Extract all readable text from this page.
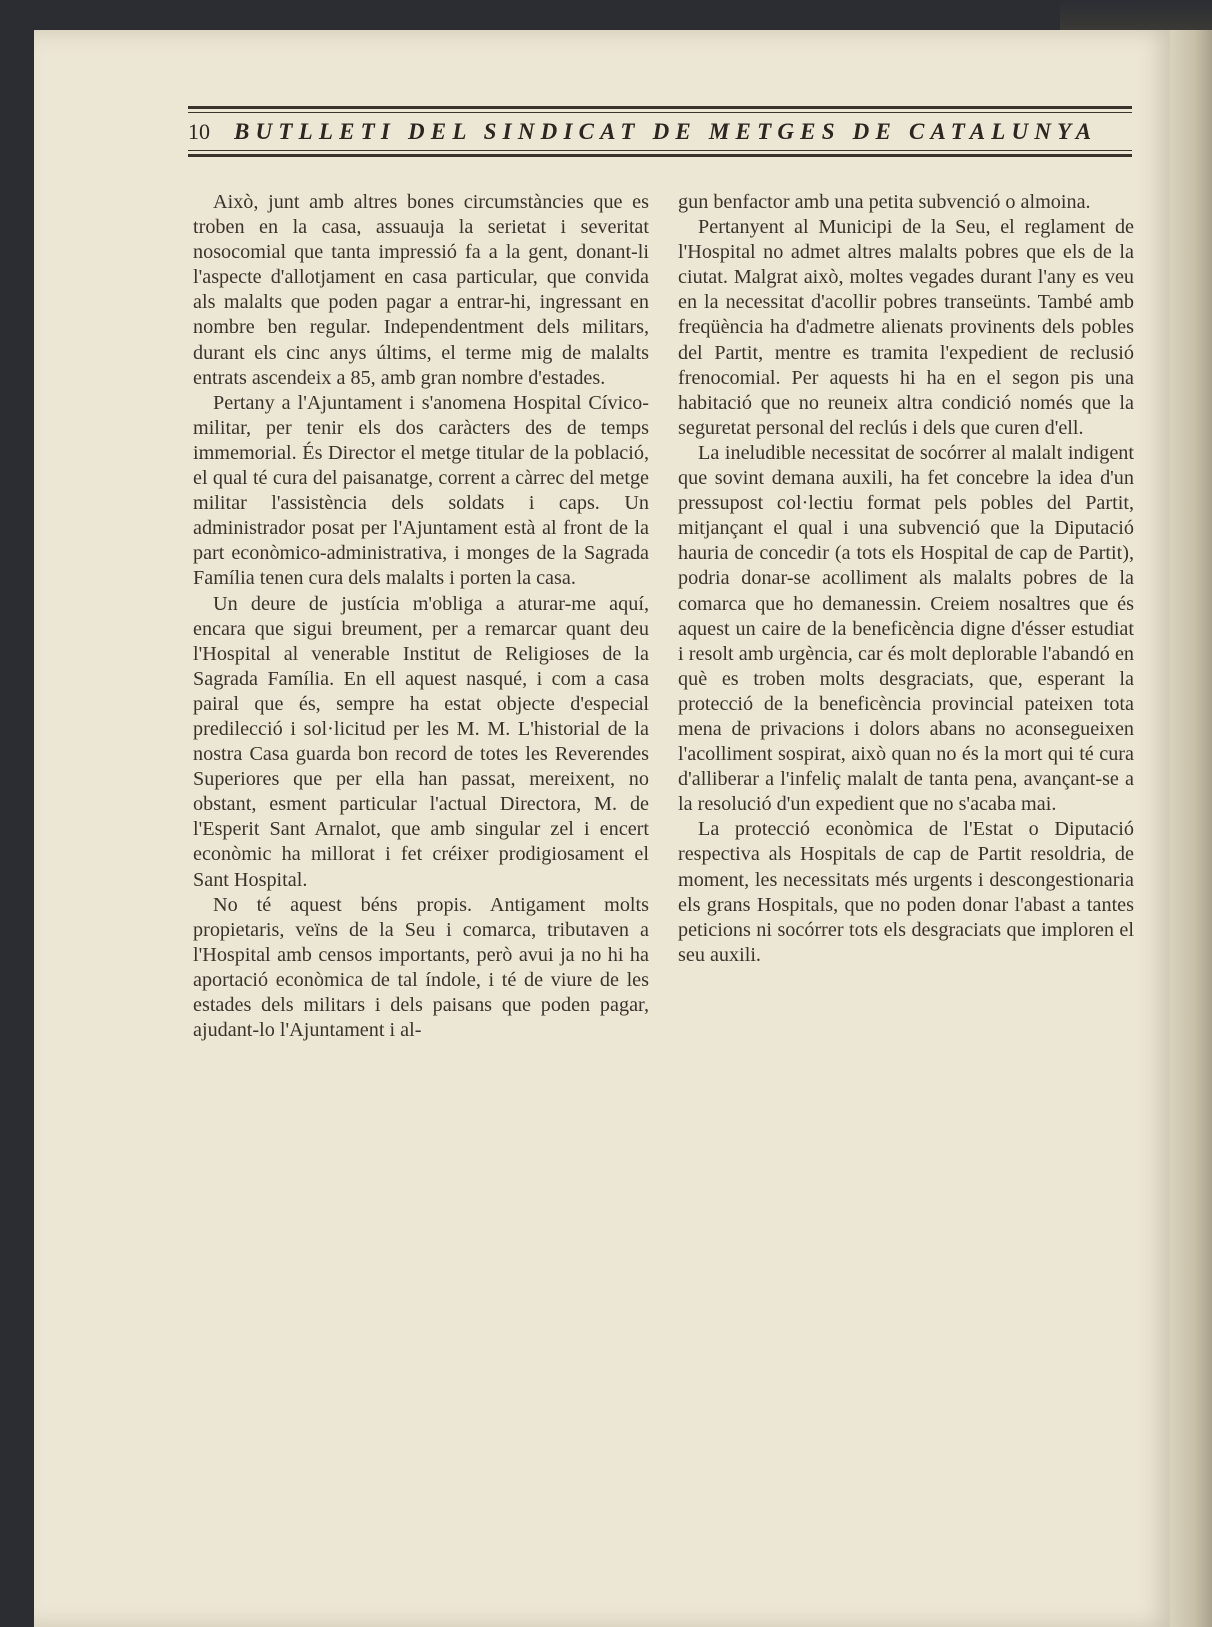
10	BUTLLETI DEL SINDICAT DE METGES DE CATALUNYA

Això, junt amb altres bones circumstàncies que es troben en la casa, assuauja la serietat i severitat nosocomial que tanta impressió fa a la gent, donant-li l'aspecte d'allotjament en casa particular, que convida als malalts que poden pagar a entrar-hi, ingressant en nombre ben regular. Independentment dels militars, durant els cinc anys últims, el terme mig de malalts entrats ascendeix a 85, amb gran nombre d'estades.

Pertany a l'Ajuntament i s'anomena Hospital Cívico-militar, per tenir els dos caràcters des de temps immemorial. És Director el metge titular de la població, el qual té cura del paisanatge, corrent a càrrec del metge militar l'assistència dels soldats i caps. Un administrador posat per l'Ajuntament està al front de la part econòmico-administrativa, i monges de la Sagrada Família tenen cura dels malalts i porten la casa.

Un deure de justícia m'obliga a aturar-me aquí, encara que sigui breument, per a remarcar quant deu l'Hospital al venerable Institut de Religioses de la Sagrada Família. En ell aquest nasqué, i com a casa pairal que és, sempre ha estat objecte d'especial predilecció i sol·licitud per les M. M. L'historial de la nostra Casa guarda bon record de totes les Reverendes Superiores que per ella han passat, mereixent, no obstant, esment particular l'actual Directora, M. de l'Esperit Sant Arnalot, que amb singular zel i encert econòmic ha millorat i fet créixer prodigiosament el Sant Hospital.

No té aquest béns propis. Antigament molts propietaris, veïns de la Seu i comarca, tributaven a l'Hospital amb censos importants, però avui ja no hi ha aportació econòmica de tal índole, i té de viure de les estades dels militars i dels paisans que poden pagar, ajudant-lo l'Ajuntament i al-

gun benfactor amb una petita subvenció o almoina.

Pertanyent al Municipi de la Seu, el reglament de l'Hospital no admet altres malalts pobres que els de la ciutat. Malgrat això, moltes vegades durant l'any es veu en la necessitat d'acollir pobres transeünts. També amb freqüència ha d'admetre alienats provinents dels pobles del Partit, mentre es tramita l'expedient de reclusió frenocomial. Per aquests hi ha en el segon pis una habitació que no reuneix altra condició només que la seguretat personal del reclús i dels que curen d'ell.

La ineludible necessitat de socórrer al malalt indigent que sovint demana auxili, ha fet concebre la idea d'un pressupost col·lectiu format pels pobles del Partit, mitjançant el qual i una subvenció que la Diputació hauria de concedir (a tots els Hospital de cap de Partit), podria donar-se acolliment als malalts pobres de la comarca que ho demanessin. Creiem nosaltres que és aquest un caire de la beneficència digne d'ésser estudiat i resolt amb urgència, car és molt deplorable l'abandó en què es troben molts desgraciats, que, esperant la protecció de la beneficència provincial pateixen tota mena de privacions i dolors abans no aconsegueixen l'acolliment sospirat, això quan no és la mort qui té cura d'alliberar a l'infeliç malalt de tanta pena, avançant-se a la resolució d'un expedient que no s'acaba mai.

La protecció econòmica de l'Estat o Diputació respectiva als Hospitals de cap de Partit resoldria, de moment, les necessitats més urgents i descongestionaria els grans Hospitals, que no poden donar l'abast a tantes peticions ni socórrer tots els desgraciats que imploren el seu auxili.
